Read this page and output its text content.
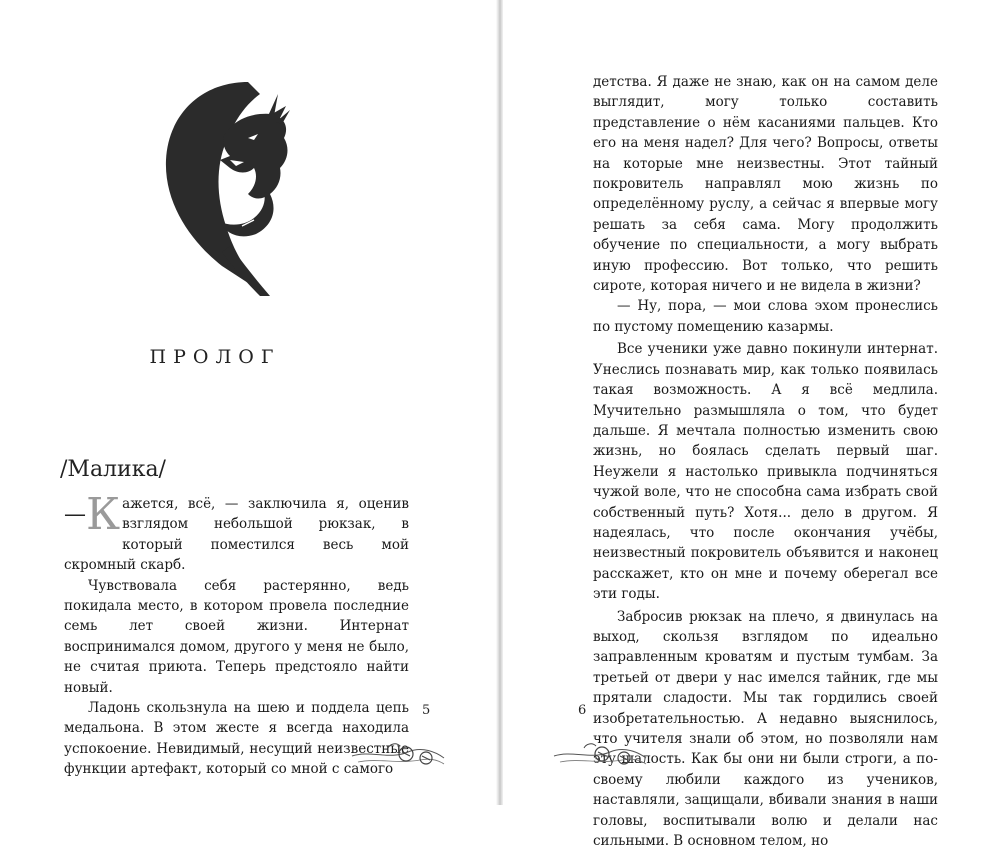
ПРОЛОГ
/Малика/

—К ажется, всё, — заключила я, оценив взглядом небольшой рюкзак, в который поместился весь мой скромный скарб.

Чувствовала себя растерянно, ведь покидала место, в котором провела последние семь лет своей жизни. Интернат воспринимался домом, другого у меня не было, не считая приюта. Теперь предстояло найти новый.

Ладонь скользнула на шею и поддела цепь медальона. В этом жесте я всегда находила успокоение. Невидимый, несущий неизвестные функции артефакт, который со мной с самого

5

детства. Я даже не знаю, как он на самом деле выглядит, могу только составить представление о нём касаниями пальцев. Кто его на меня надел? Для чего? Вопросы, ответы на которые мне неизвестны. Этот тайный покровитель направлял мою жизнь по определённому руслу, а сейчас я впервые могу решать за себя сама. Могу продолжить обучение по специальности, а могу выбрать иную профессию. Вот только, что решить сироте, которая ничего и не видела в жизни?

— Ну, пора, — мои слова эхом пронеслись по пустому помещению казармы.

Все ученики уже давно покинули интернат. Унеслись познавать мир, как только появилась такая возможность. А я всё медлила. Мучительно размышляла о том, что будет дальше. Я мечтала полностью изменить свою жизнь, но боялась сделать первый шаг. Неужели я настолько привыкла подчиняться чужой воле, что не способна сама избрать свой собственный путь? Хотя... дело в другом. Я надеялась, что после окончания учёбы, неизвестный покровитель объявится и наконец расскажет, кто он мне и почему оберегал все эти годы.

Забросив рюкзак на плечо, я двинулась на выход, скользя взглядом по идеально заправленным кроватям и пустым тумбам. За третьей от двери у нас имелся тайник, где мы прятали сладости. Мы так гордились своей изобретательностью. А недавно выяснилось, что учителя знали об этом, но позволяли нам эту шалость. Как бы они ни были строги, а по-своему любили каждого из учеников, наставляли, защищали, вбивали знания в наши головы, воспитывали волю и делали нас сильными. В основном телом, но

6
